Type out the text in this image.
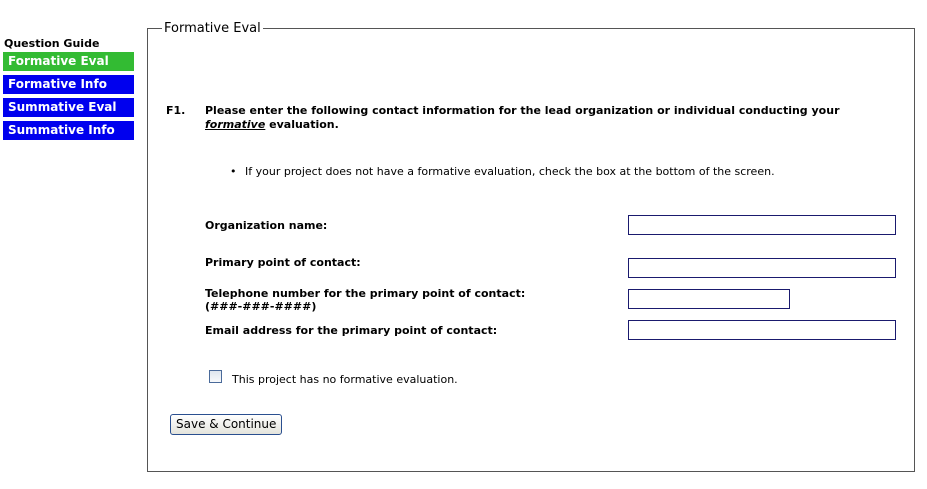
Question Guide
Formative Eval
Formative Info
Summative Eval
Summative Info
Formative Eval
F1. Please enter the following contact information for the lead organization or individual conducting your formative evaluation.
• If your project does not have a formative evaluation, check the box at the bottom of the screen.
Organization name:
Primary point of contact:
Telephone number for the primary point of contact:
(###-###-####)
Email address for the primary point of contact:
This project has no formative evaluation.
Save & Continue
